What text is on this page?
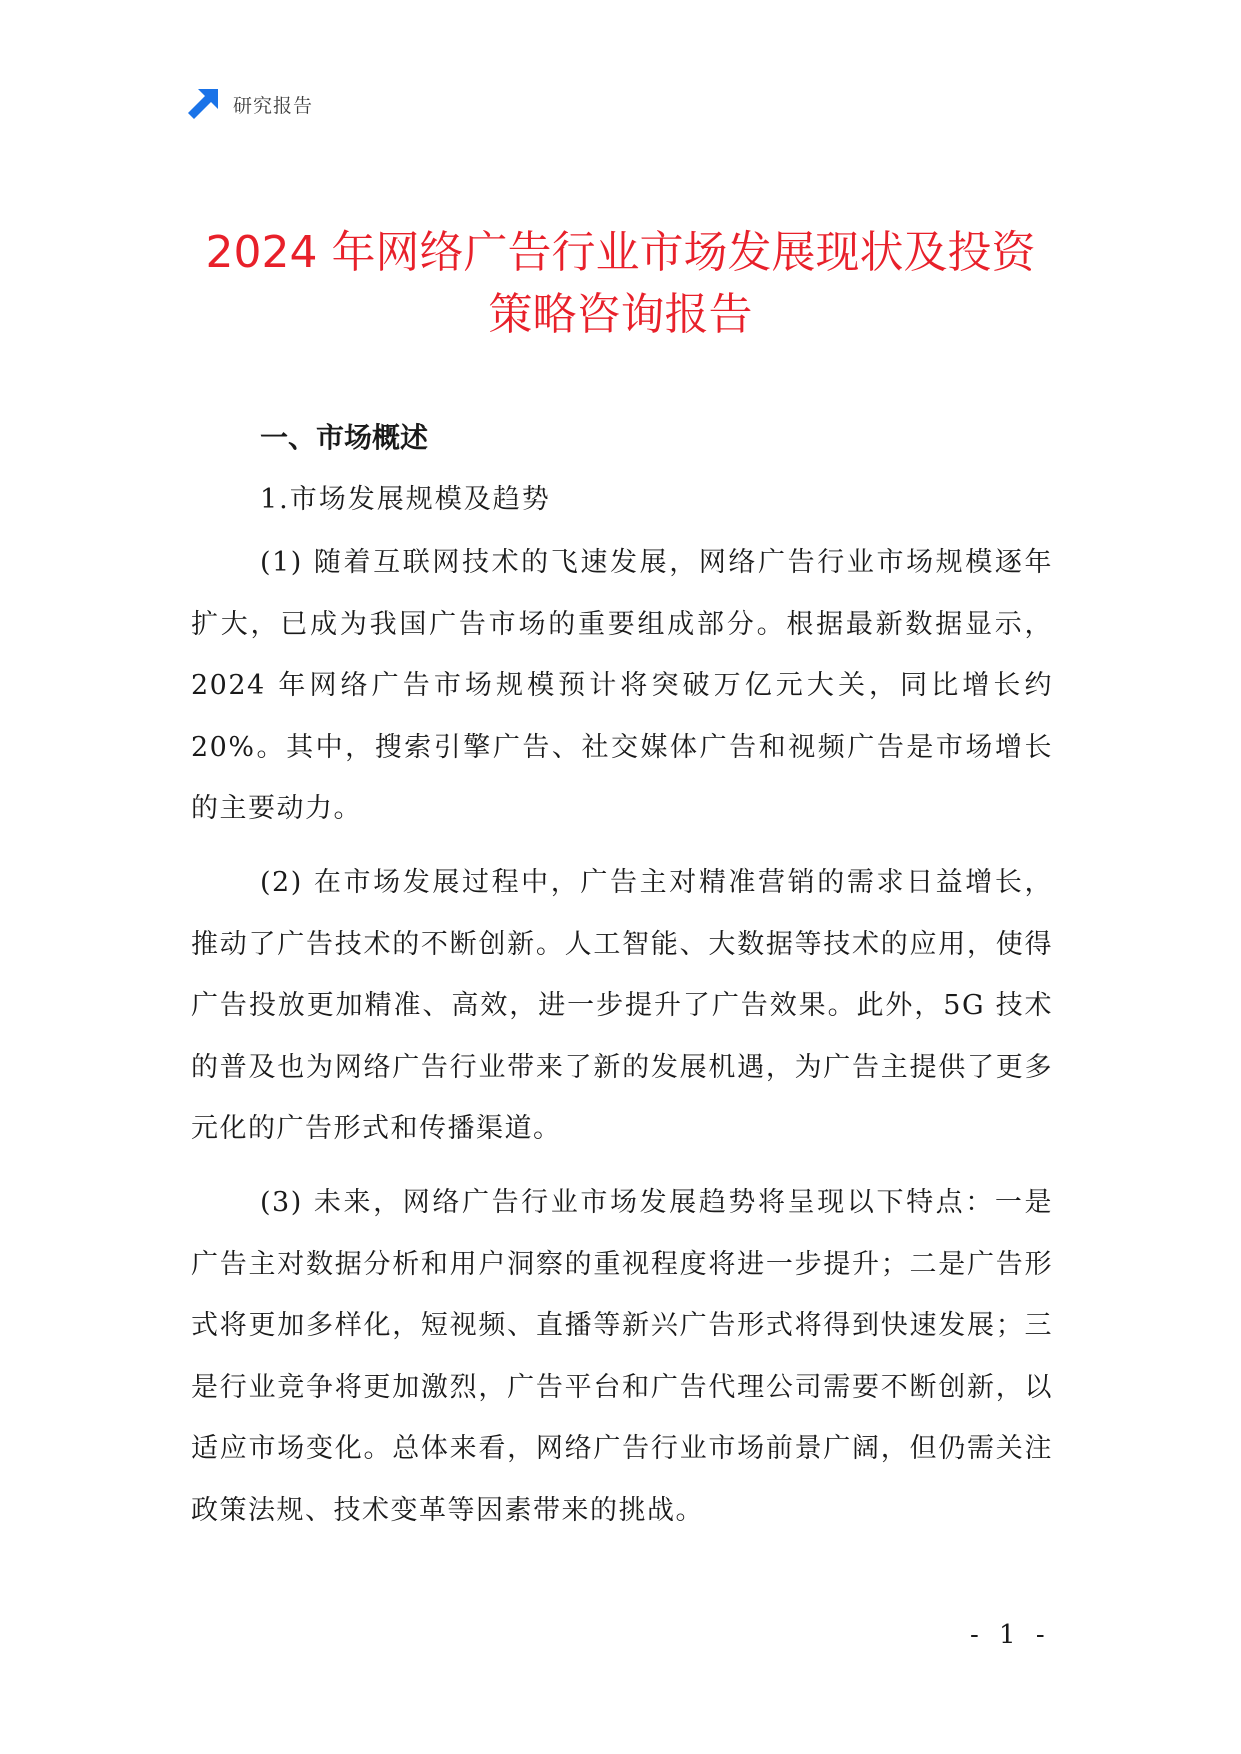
研究报告
2024 年网络广告行业市场发展现状及投资
策略咨询报告
一、市场概述
1.市场发展规模及趋势

(1) 随着互联网技术的飞速发展，网络广告行业市场规模逐年扩大，已成为我国广告市场的重要组成部分。根据最新数据显示，2024 年网络广告市场规模预计将突破万亿元大关，同比增长约 20%。其中，搜索引擎广告、社交媒体广告和视频广告是市场增长的主要动力。

(2) 在市场发展过程中，广告主对精准营销的需求日益增长，推动了广告技术的不断创新。人工智能、大数据等技术的应用，使得广告投放更加精准、高效，进一步提升了广告效果。此外，5G 技术的普及也为网络广告行业带来了新的发展机遇，为广告主提供了更多元化的广告形式和传播渠道。

(3) 未来，网络广告行业市场发展趋势将呈现以下特点：一是广告主对数据分析和用户洞察的重视程度将进一步提升；二是广告形式将更加多样化，短视频、直播等新兴广告形式将得到快速发展；三是行业竞争将更加激烈，广告平台和广告代理公司需要不断创新，以适应市场变化。总体来看，网络广告行业市场前景广阔，但仍需关注政策法规、技术变革等因素带来的挑战。

- 1 -
